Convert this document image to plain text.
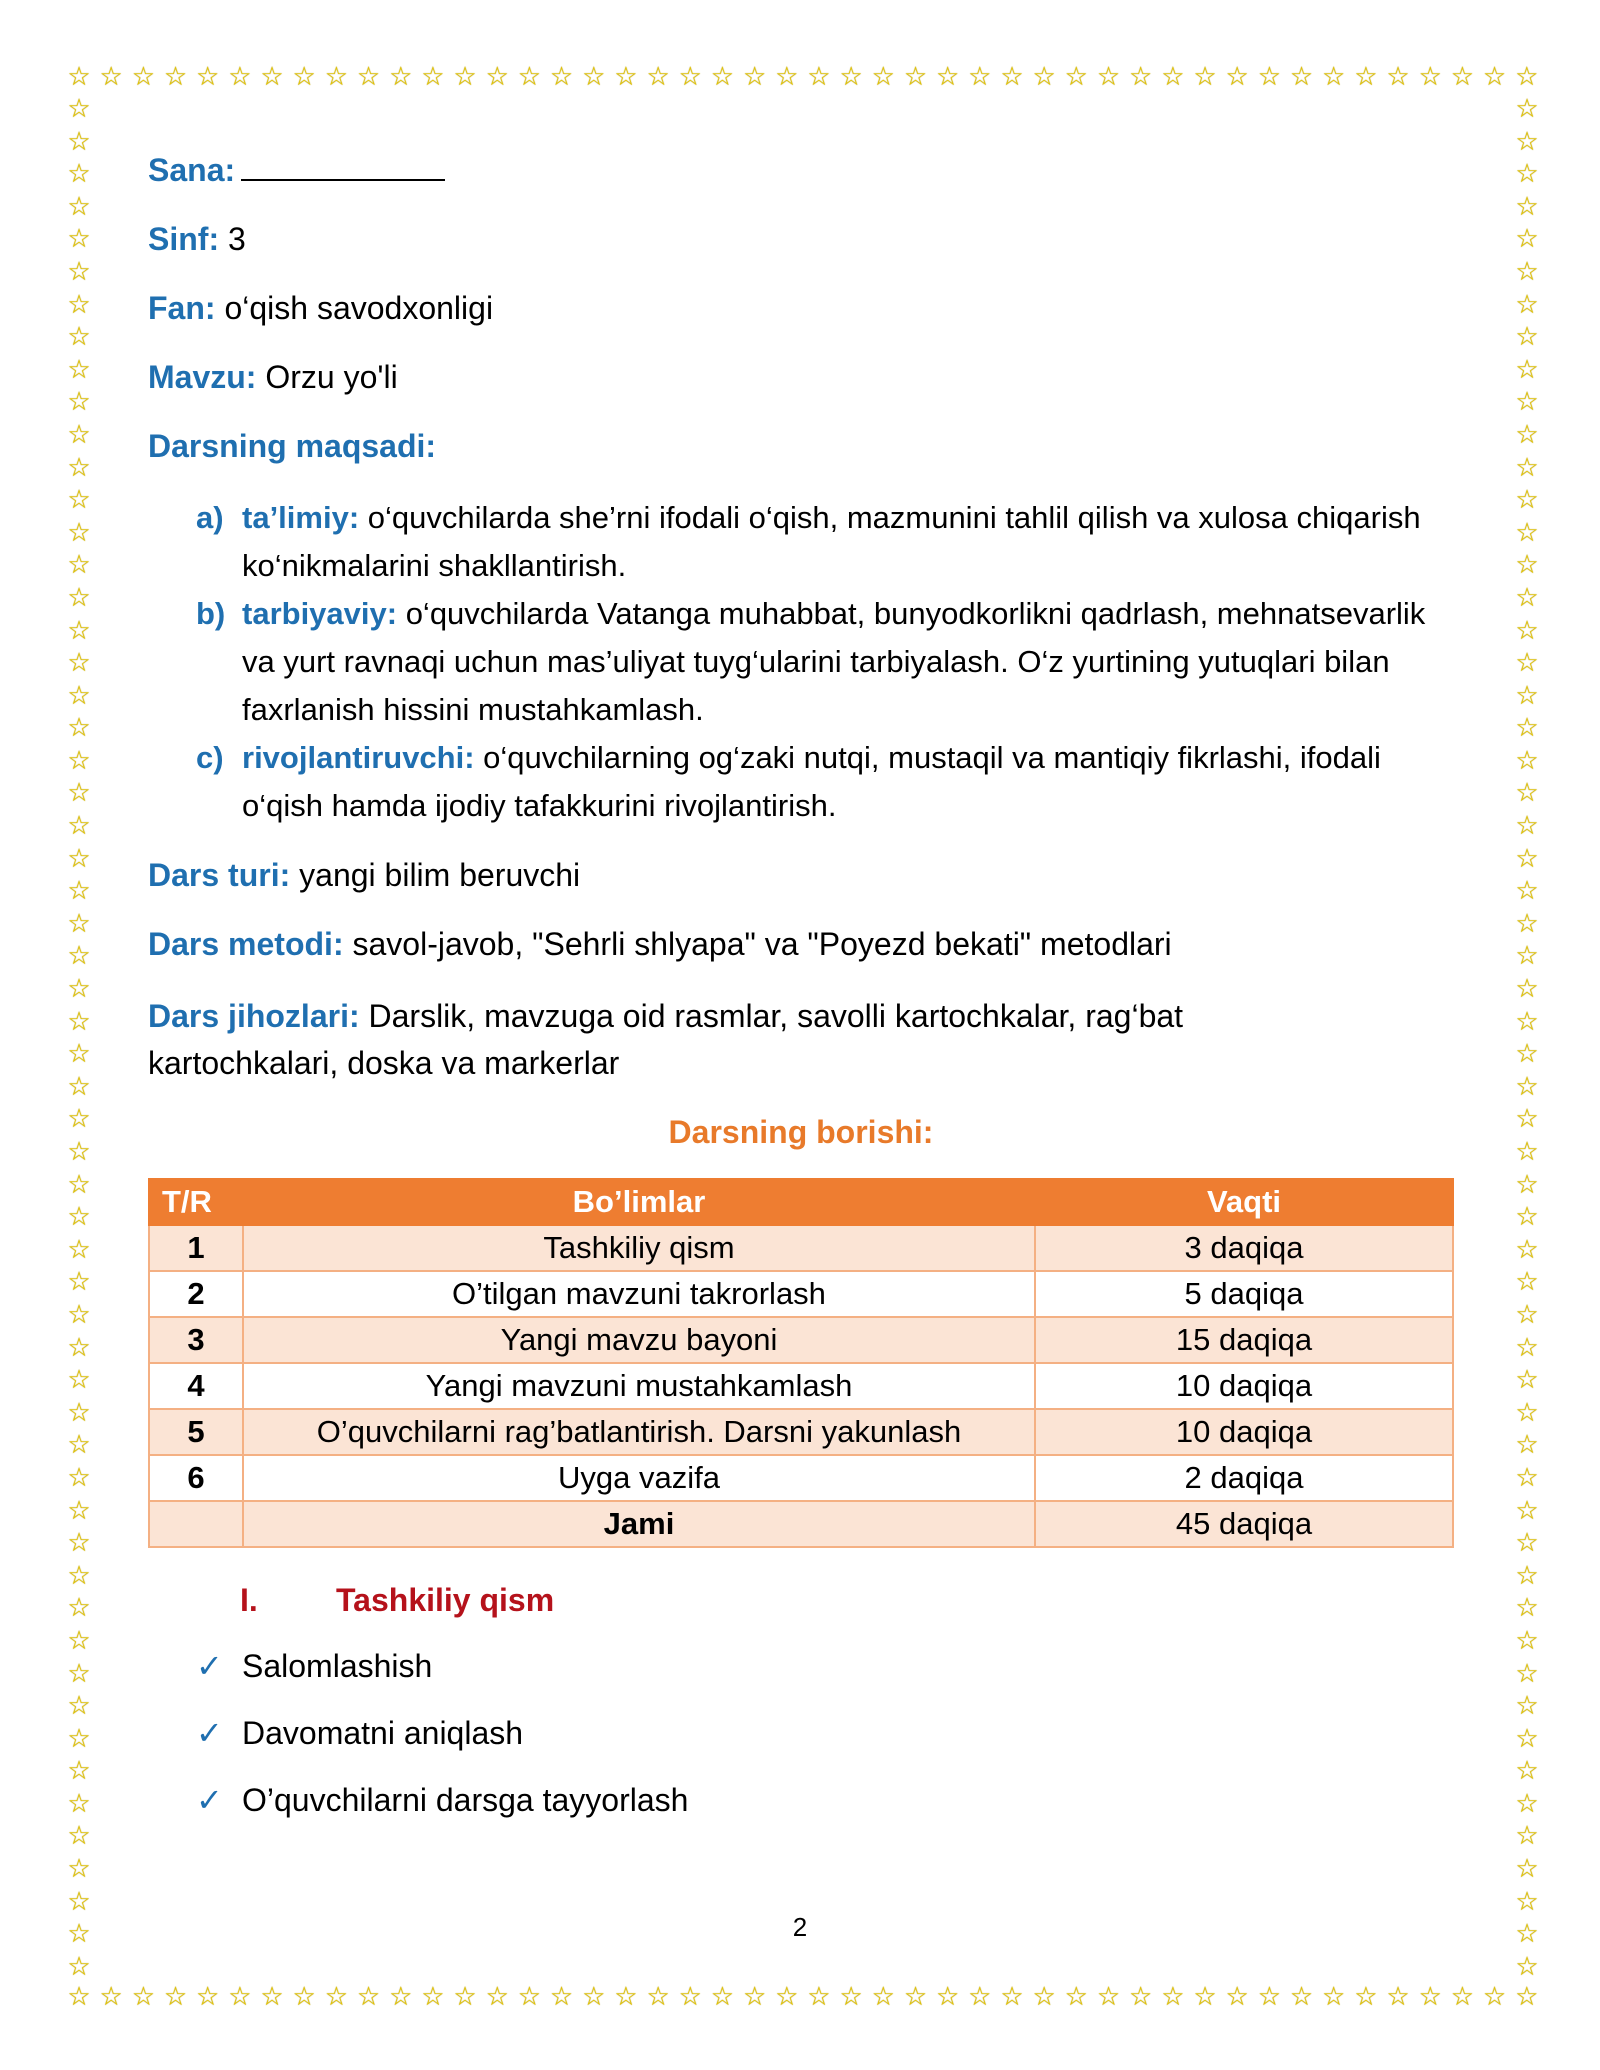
☆ ☆ ☆ ☆ ☆ ☆ ☆ ☆ ☆ ☆ ☆ ☆ ☆ ☆ ☆ ☆ ☆ ☆ ☆ ☆ ☆ ☆ ☆ ☆ ☆ ☆ ☆ ☆ ☆ ☆ ☆ ☆ ☆ ☆ ☆ ☆ ☆ ☆ ☆ ☆ ☆ ☆ ☆ ☆ ☆ ☆
☆ ☆ ☆ ☆ ☆ ☆ ☆ ☆ ☆ ☆ ☆ ☆ ☆ ☆ ☆ ☆ ☆ ☆ ☆ ☆ ☆ ☆ ☆ ☆ ☆ ☆ ☆ ☆ ☆ ☆ ☆ ☆ ☆ ☆ ☆ ☆ ☆ ☆ ☆ ☆ ☆ ☆ ☆ ☆ ☆ ☆
☆
☆
☆
☆
☆
☆
☆
☆
☆
☆
☆
☆
☆
☆
☆
☆
☆
☆
☆
☆
☆
☆
☆
☆
☆
☆
☆
☆
☆
☆
☆
☆
☆
☆
☆
☆
☆
☆
☆
☆
☆
☆
☆
☆
☆
☆
☆
☆
☆
☆
☆
☆
☆
☆
☆
☆
☆
☆
☆
☆
☆
☆
☆
☆
☆
☆
☆
☆
☆
☆
☆
☆
☆
☆
☆
☆
☆
☆
☆
☆
☆
☆
☆
☆
☆
☆
☆
☆
☆
☆
☆
☆
☆
☆
☆
☆
☆
☆
☆
☆
☆
☆
☆
☆
☆
☆
☆
☆
☆
☆
☆
☆
☆
☆
☆
☆
Sana:
Sinf: 3
Fan: o‘qish savodxonligi
Mavzu: Orzu yo'li
Darsning maqsadi:
a) ta’limiy: o‘quvchilarda she’rni ifodali o‘qish, mazmunini tahlil qilish va xulosa chiqarish ko‘nikmalarini shakllantirish.
b) tarbiyaviy: o‘quvchilarda Vatanga muhabbat, bunyodkorlikni qadrlash, mehnatsevarlik va yurt ravnaqi uchun mas’uliyat tuyg‘ularini tarbiyalash. O‘z yurtining yutuqlari bilan faxrlanish hissini mustahkamlash.
c) rivojlantiruvchi: o‘quvchilarning og‘zaki nutqi, mustaqil va mantiqiy fikrlashi, ifodali o‘qish hamda ijodiy tafakkurini rivojlantirish.
Dars turi: yangi bilim beruvchi
Dars metodi: savol-javob, "Sehrli shlyapa" va "Poyezd bekati" metodlari
Dars jihozlari: Darslik, mavzuga oid rasmlar, savolli kartochkalar, rag‘bat kartochkalari, doska va markerlar
Darsning borishi:
T/R	Bo’limlar	Vaqti
1	Tashkiliy qism	3 daqiqa
2	O’tilgan mavzuni takrorlash	5 daqiqa
3	Yangi mavzu bayoni	15 daqiqa
4	Yangi mavzuni mustahkamlash	10 daqiqa
5	O’quvchilarni rag’batlantirish. Darsni yakunlash	10 daqiqa
6	Uyga vazifa	2 daqiqa
	Jami	45 daqiqa
I. Tashkiliy qism
✓ Salomlashish
✓ Davomatni aniqlash
✓ O’quvchilarni darsga tayyorlash
2
